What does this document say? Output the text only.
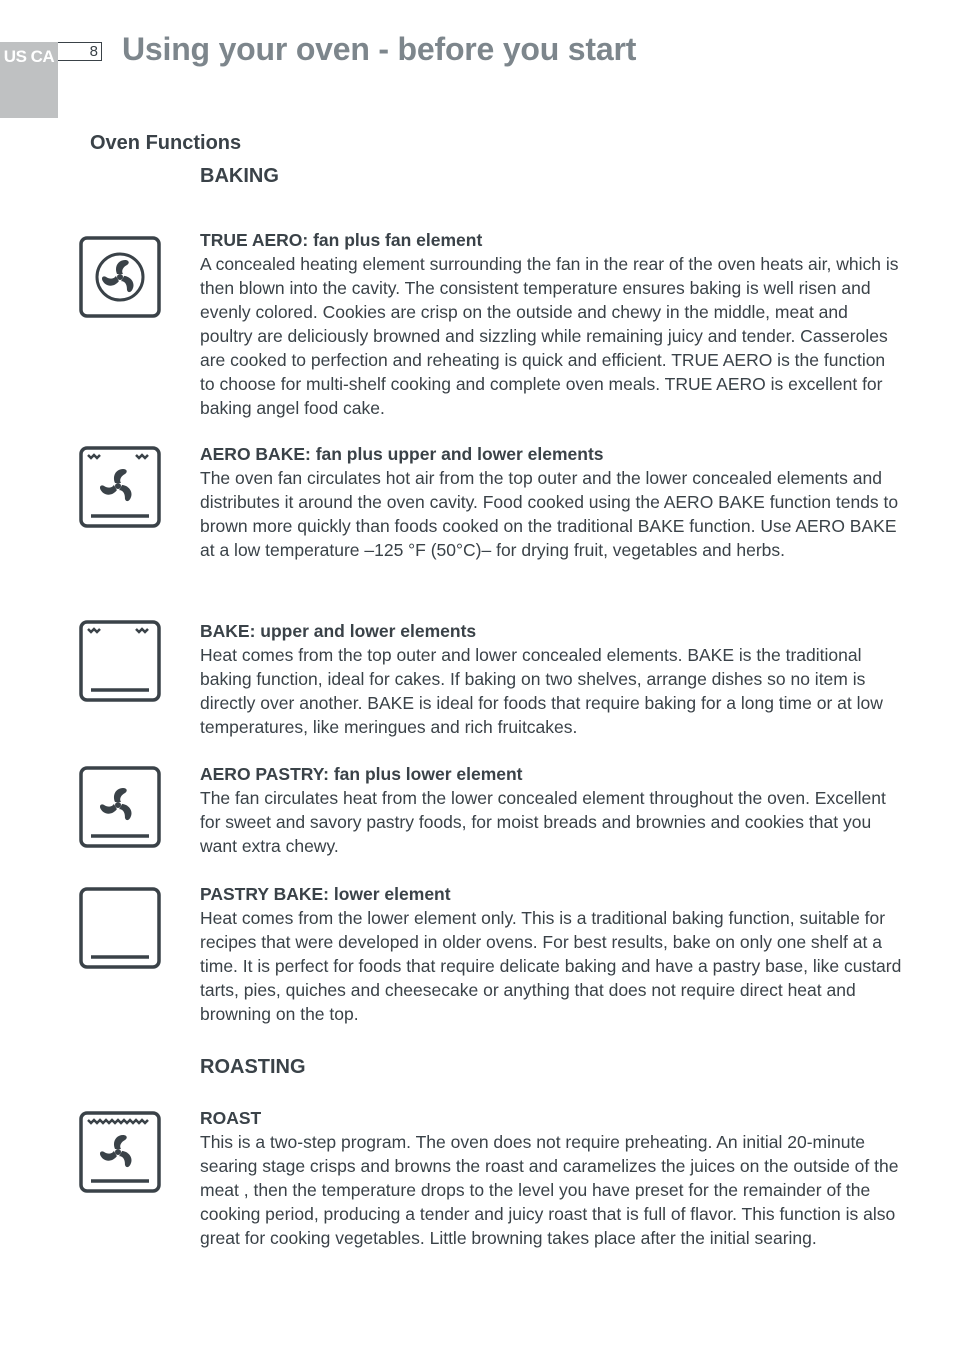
US CA	8 Using your oven - before you start
Oven Functions
BAKING
TRUE AERO: fan plus fan element

A concealed heating element surrounding the fan in the rear of the oven heats air, which is then blown into the cavity. The consistent temperature ensures baking is well risen and evenly colored. Cookies are crisp on the outside and chewy in the middle, meat and poultry are deliciously browned and sizzling while remaining juicy and tender. Casseroles are cooked to perfection and reheating is quick and efficient. TRUE AERO is the function to choose for multi-shelf cooking and complete oven meals. TRUE AERO is excellent for baking angel food cake.

AERO BAKE: fan plus upper and lower elements

The oven fan circulates hot air from the top outer and the lower concealed elements and distributes it around the oven cavity. Food cooked using the AERO BAKE function tends to brown more quickly than foods cooked on the traditional BAKE function. Use AERO BAKE at a low temperature –125 °F (50°C)– for drying fruit, vegetables and herbs.

BAKE: upper and lower elements

Heat comes from the top outer and lower concealed elements. BAKE is the traditional baking function, ideal for cakes. If baking on two shelves, arrange dishes so no item is directly over another. BAKE is ideal for foods that require baking for a long time or at low temperatures, like meringues and rich fruitcakes.

AERO PASTRY: fan plus lower element

The fan circulates heat from the lower concealed element throughout the oven. Excellent for sweet and savory pastry foods, for moist breads and brownies and cookies that you want extra chewy.

PASTRY BAKE: lower element

Heat comes from the lower element only. This is a traditional baking function, suitable for recipes that were developed in older ovens. For best results, bake on only one shelf at a time. It is perfect for foods that require delicate baking and have a pastry base, like custard tarts, pies, quiches and cheesecake or anything that does not require direct heat and browning on the top.

ROASTING
ROAST

This is a two-step program. The oven does not require preheating. An initial 20-minute searing stage crisps and browns the roast and caramelizes the juices on the outside of the meat , then the temperature drops to the level you have preset for the remainder of the cooking period, producing a tender and juicy roast that is full of flavor. This function is also great for cooking vegetables. Little browning takes place after the initial searing.
